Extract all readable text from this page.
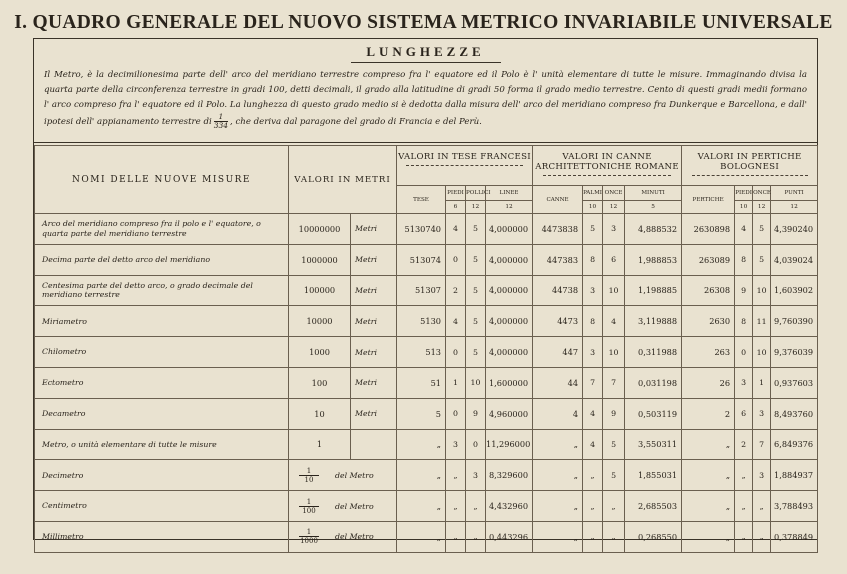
I. QUADRO GENERALE DEL NUOVO SISTEMA METRICO INVARIABILE UNIVERSALE
LUNGHEZZE
Il Metro, è la decimilionesima parte dell' arco del meridiano terrestre compreso fra l' equatore ed il Polo è l' unità elementare di tutte le misure. Immaginando divisa la quarta parte della circonferenza terrestre in gradi 100, detti decimali, il grado alla latitudine di gradi 50 forma il grado medio terrestre. Cento di questi gradi medii formano l' arco compreso fra l' equatore ed il Polo. La lunghezza di questo grado medio si è dedotta dalla misura dell' arco del meridiano compreso fra Dunkerque e Barcellona, e dall' ipotesi dell' appianamento terrestre di $\frac{1}{334}$ , che deriva dal paragone del grado di Francia e del Perù.
NOMI DELLE NUOVE MISURE	VALORI IN METRI		VALORI IN TESE FRANCESI				VALORI IN CANNE ARCHITETTONICHE ROMANE				VALORI IN PERTICHE BOLOGNESI			

			TESE	PIEDI	POLLICI	LINEE	CANNE	PALMI	ONCE	MINUTI	PERTICHE	PIEDI	ONCE	PUNTI
				6	12	12		10	12	5		10	12	12
Arco del meridiano compreso fra il polo e l' equatore, o quarta parte del meridiano terrestre	10000000	Metri	5130740	4	5	4,000000	4473838	5	3	4,888532	2630898	4	5	4,390240
Decima parte del detto arco del meridiano	1000000	Metri	513074	0	5	4,000000	447383	8	6	1,988853	263089	8	5	4,039024
Centesima parte del detto arco, o grado decimale del meridiano terrestre	100000	Metri	51307	2	5	4,000000	44738	3	10	1,198885	26308	9	10	1,603902
Miriametro	10000	Metri	5130	4	5	4,000000	4473	8	4	3,119888	2630	8	11	9,760390
Chilometro	1000	Metri	513	0	5	4,000000	447	3	10	0,311988	263	0	10	9,376039
Ectometro	100	Metri	51	1	10	1,600000	44	7	7	0,031198	26	3	1	0,937603
Decametro	10	Metri	5	0	9	4,960000	4	4	9	0,503119	2	6	3	8,493760
Metro, o unità elementare di tutte le misure	1		„	3	0	11,296000	„	4	5	3,550311	„	2	7	6,849376
Decimetro	$\frac{1}{10}$ del Metro		„	„	3	8,329600	„	„	5	1,855031	„	„	3	1,884937
Centimetro	$\frac{1}{100}$ del Metro		„	„	„	4,432960	„	„	„	2,685503	„	„	„	3,788493
Millimetro	$\frac{1}{1000}$ del Metro		„	„	„	0,443296	„	„	„	0,268550	„	„	„	0,378849
